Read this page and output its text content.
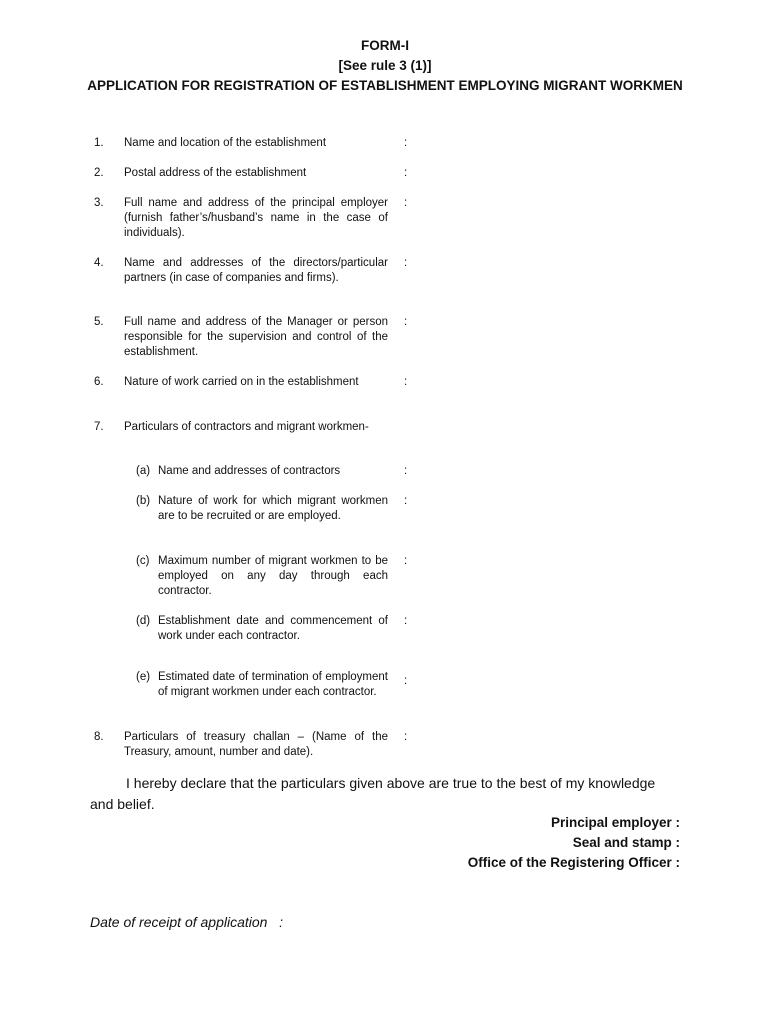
FORM-I
[See rule 3 (1)]
APPLICATION FOR REGISTRATION OF ESTABLISHMENT EMPLOYING MIGRANT WORKMEN
1.	Name and location of the establishment	:
2.	Postal address of the establishment	:
3.	Full name and address of the principal employer (furnish father’s/husband’s name in the case of individuals).
:
4.	Name and addresses of the directors/particular partners (in case of companies and firms).
:
5.	Full name and address of the Manager or person responsible for the supervision and control of the establishment.
:
6.	Nature of work carried on in the establishment	:
7.	Particulars of contractors and migrant workmen-
(a) Name and addresses of contractors	:
(b) Nature of work for which migrant workmen are to be recruited or are employed.
:
(c) Maximum number of migrant workmen to be employed on any day through each contractor.
:
(d) Establishment date and commencement of work under each contractor.
:
(e) Estimated date of termination of employment of migrant workmen under each contractor.
:
8.	Particulars of treasury challan – (Name of the Treasury, amount, number and date).
:
I hereby declare that the particulars given above are true to the best of my knowledge and belief.
Principal employer :
Seal and stamp :
Office of the Registering Officer :
Date of receipt of application   :
